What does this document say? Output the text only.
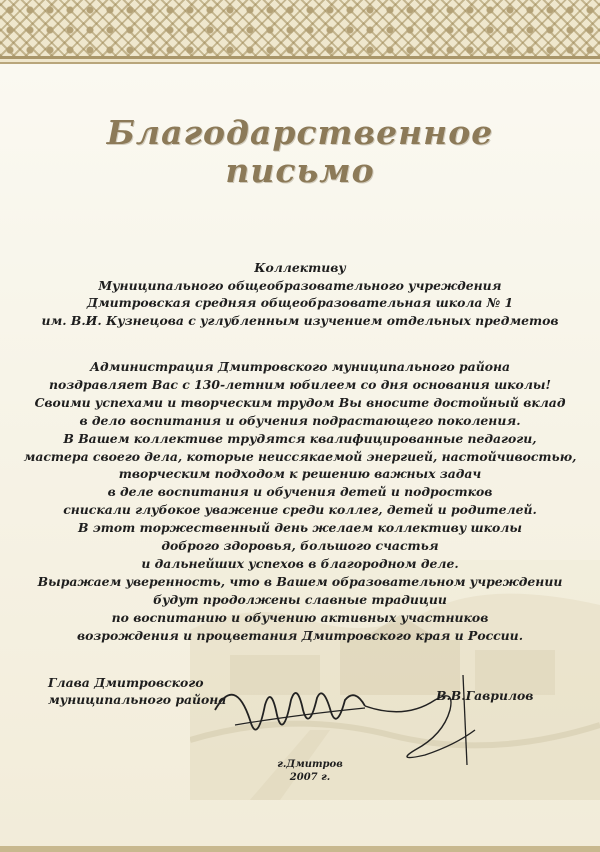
Благодарственное
письмо
Коллективу
Муниципального общеобразовательного учреждения
Дмитровская средняя общеобразовательная школа № 1
им. В.И. Кузнецова с углубленным изучением отдельных предметов
Администрация Дмитровского муниципального района
поздравляет Вас с 130-летним юбилеем со дня основания школы!
Своими успехами и творческим трудом Вы вносите достойный вклад
в дело воспитания и обучения подрастающего поколения.
В Вашем коллективе трудятся квалифицированные педагоги,
мастера своего дела, которые неиссякаемой энергией, настойчивостью,
творческим подходом к решению важных задач
в деле воспитания и обучения детей и подростков
снискали глубокое уважение среди коллег, детей и родителей.
В этот торжественный день желаем коллективу школы
доброго здоровья, большого счастья
и дальнейших успехов в благородном деле.
Выражаем уверенность, что в Вашем образовательном учреждении
будут продолжены славные традиции
по воспитанию и обучению активных участников
возрождения и процветания Дмитровского края и России.
Глава Дмитровского
муниципального района	В.В.Гаврилов
г.Дмитров
2007 г.
